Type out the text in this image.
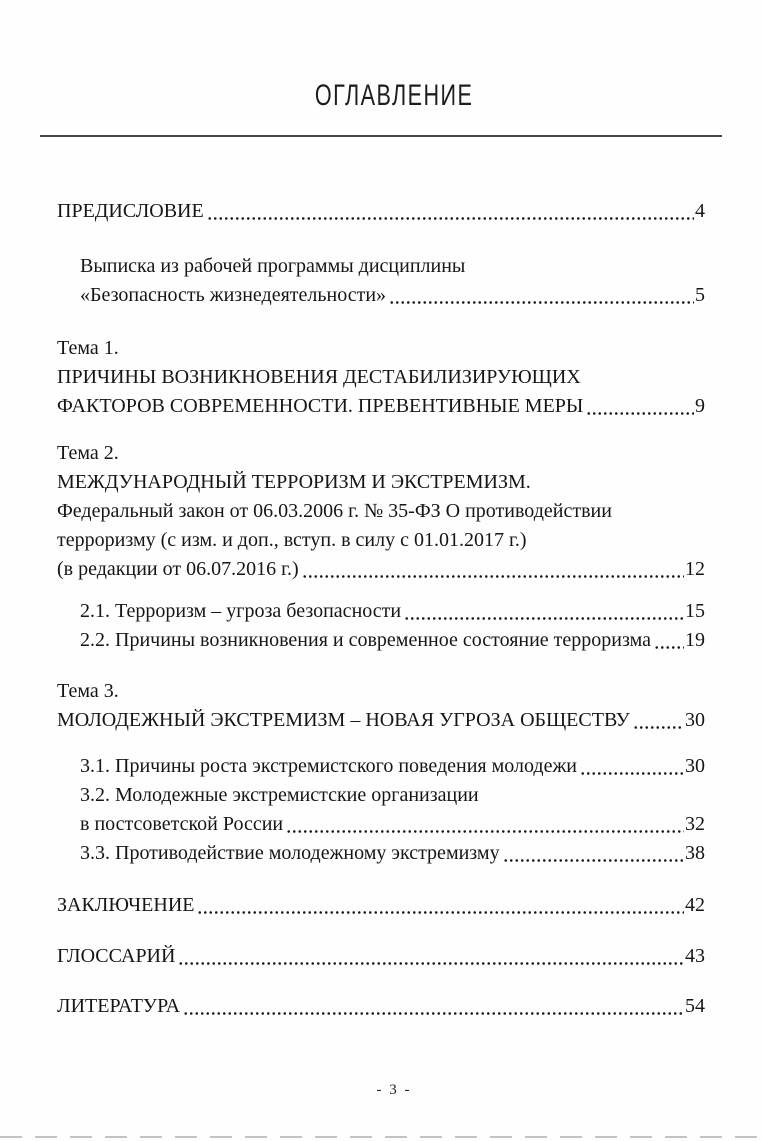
ОГЛАВЛЕНИЕ
ПРЕДИСЛОВИЕ	4
Выписка из рабочей программы дисциплины
«Безопасность жизнедеятельности»	5
Тема 1.
ПРИЧИНЫ ВОЗНИКНОВЕНИЯ ДЕСТАБИЛИЗИРУЮЩИХ
ФАКТОРОВ СОВРЕМЕННОСТИ. ПРЕВЕНТИВНЫЕ МЕРЫ	9
Тема 2.
МЕЖДУНАРОДНЫЙ ТЕРРОРИЗМ И ЭКСТРЕМИЗМ.
Федеральный закон от 06.03.2006 г. № 35-ФЗ О противодействии
терроризму (с изм. и доп., вступ. в силу с 01.01.2017 г.)
(в редакции от 06.07.2016 г.)	12
2.1. Терроризм – угроза безопасности	15
2.2. Причины возникновения и современное состояние терроризма 19
Тема 3.
МОЛОДЕЖНЫЙ ЭКСТРЕМИЗМ – НОВАЯ УГРОЗА ОБЩЕСТВУ	30
3.1. Причины роста экстремистского поведения молодежи	30
3.2. Молодежные экстремистские организации
в постсоветской России	32
3.3. Противодействие молодежному экстремизму	38
ЗАКЛЮЧЕНИЕ	42
ГЛОССАРИЙ	43
ЛИТЕРАТУРА	54
- 3 -
